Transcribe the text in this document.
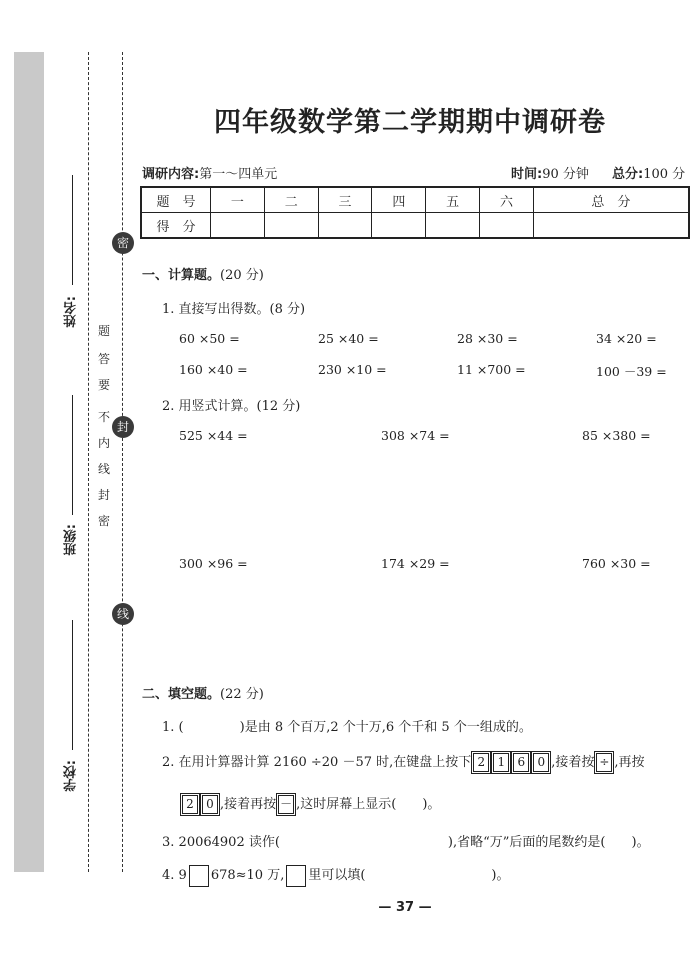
姓名:
班级:
学校:
密
封
线
内
不
要
答
题
密
封
线
四年级数学第二学期期中调研卷
调研内容:第一～四单元	时间:90 分钟 总分:100 分
题　号	一	二	三	四	五	六	总　分
得　分							
一、计算题。(20 分)
1. 直接写出得数。(8 分)
60 ×50 =	25 ×40 =	28 ×30 =	34 ×20 =
160 ×40 =	230 ×10 =	11 ×700 =	100 －39 =
2. 用竖式计算。(12 分)
525 ×44 =	308 ×74 =	85 ×380 =
300 ×96 =	174 ×29 =	760 ×30 =
二、填空题。(22 分)
1. (	)是由 8 个百万,2 个十万,6 个千和 5 个一组成的。
2. 在用计算器计算 2160 ÷20 －57 时,在键盘上按下 2 1 6 0 ,接着按 ÷ ,再按
2 0 ,接着再按 － ,这时屏幕上显示( )。
3. 20064902 读作(	),省略“万”后面的尾数约是( )。
4. 9 678≈10 万, 里可以填(	)。
— 37 —
